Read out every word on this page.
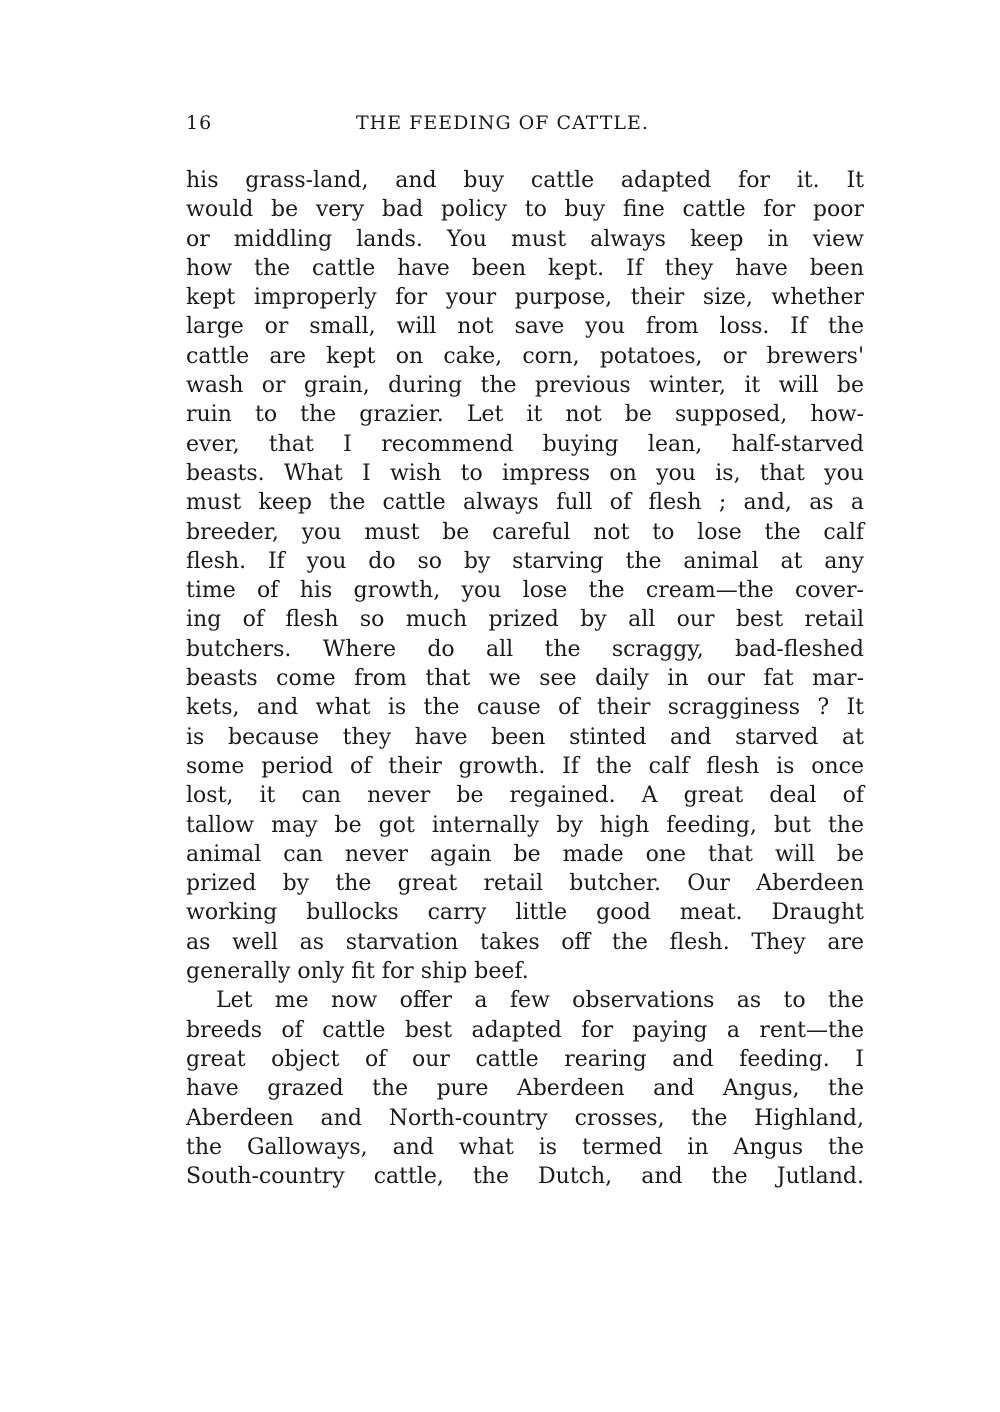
16	THE FEEDING OF CATTLE.
his grass-land, and buy cattle adapted for it. It
would be very bad policy to buy fine cattle for poor
or middling lands. You must always keep in view
how the cattle have been kept. If they have been
kept improperly for your purpose, their size, whether
large or small, will not save you from loss. If the
cattle are kept on cake, corn, potatoes, or brewers'
wash or grain, during the previous winter, it will be
ruin to the grazier. Let it not be supposed, how-
ever, that I recommend buying lean, half-starved
beasts. What I wish to impress on you is, that you
must keep the cattle always full of flesh ; and, as a
breeder, you must be careful not to lose the calf
flesh. If you do so by starving the animal at any
time of his growth, you lose the cream—the cover-
ing of flesh so much prized by all our best retail
butchers. Where do all the scraggy, bad-fleshed
beasts come from that we see daily in our fat mar-
kets, and what is the cause of their scragginess ? It
is because they have been stinted and starved at
some period of their growth. If the calf flesh is once
lost, it can never be regained. A great deal of
tallow may be got internally by high feeding, but the
animal can never again be made one that will be
prized by the great retail butcher. Our Aberdeen
working bullocks carry little good meat. Draught
as well as starvation takes off the flesh. They are
generally only fit for ship beef.
Let me now offer a few observations as to the
breeds of cattle best adapted for paying a rent—the
great object of our cattle rearing and feeding. I
have grazed the pure Aberdeen and Angus, the
Aberdeen and North-country crosses, the Highland,
the Galloways, and what is termed in Angus the
South-country cattle, the Dutch, and the Jutland.
